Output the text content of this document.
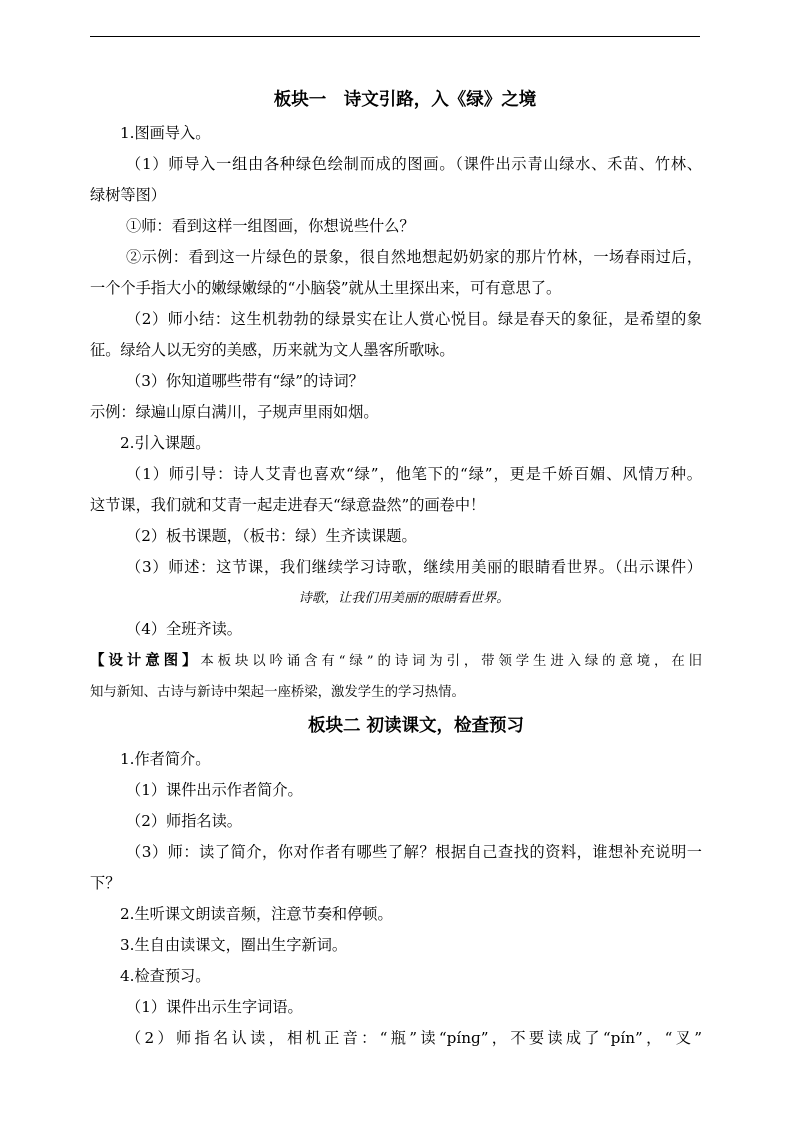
板块一　诗文引路，入《绿》之境
1.图画导入。
（1）师导入一组由各种绿色绘制而成的图画。（课件出示青山绿水、禾苗、竹林、
绿树等图）
①师：看到这样一组图画，你想说些什么？
②示例：看到这一片绿色的景象，很自然地想起奶奶家的那片竹林，一场春雨过后，
一个个手指大小的嫩绿嫩绿的“小脑袋”就从土里探出来，可有意思了。
（2）师小结：这生机勃勃的绿景实在让人赏心悦目。绿是春天的象征，是希望的象
征。绿给人以无穷的美感，历来就为文人墨客所歌咏。
（3）你知道哪些带有“绿”的诗词？
示例：绿遍山原白满川，子规声里雨如烟。
2.引入课题。
（1）师引导：诗人艾青也喜欢“绿”，他笔下的“绿”，更是千娇百媚、风情万种。
这节课，我们就和艾青一起走进春天“绿意盎然”的画卷中！
（2）板书课题，（板书：绿）生齐读课题。
（3）师述：这节课，我们继续学习诗歌，继续用美丽的眼睛看世界。（出示课件）
诗歌，让我们用美丽的眼睛看世界。
（4）全班齐读。
【设计意图】本板块以吟诵含有“绿”的诗词为引，带领学生进入绿的意境，在旧
知与新知、古诗与新诗中架起一座桥梁，激发学生的学习热情。
板块二 初读课文，检查预习
1.作者简介。
（1）课件出示作者简介。
（2）师指名读。
（3）师：读了简介，你对作者有哪些了解？根据自己查找的资料，谁想补充说明一
下？
2.生听课文朗读音频，注意节奏和停顿。
3.生自由读课文，圈出生字新词。
4.检查预习。
（1）课件出示生字词语。
（2）师指名认读，相机正音：“瓶”读“pínɡ”，不要读成了“pín”，“叉”
